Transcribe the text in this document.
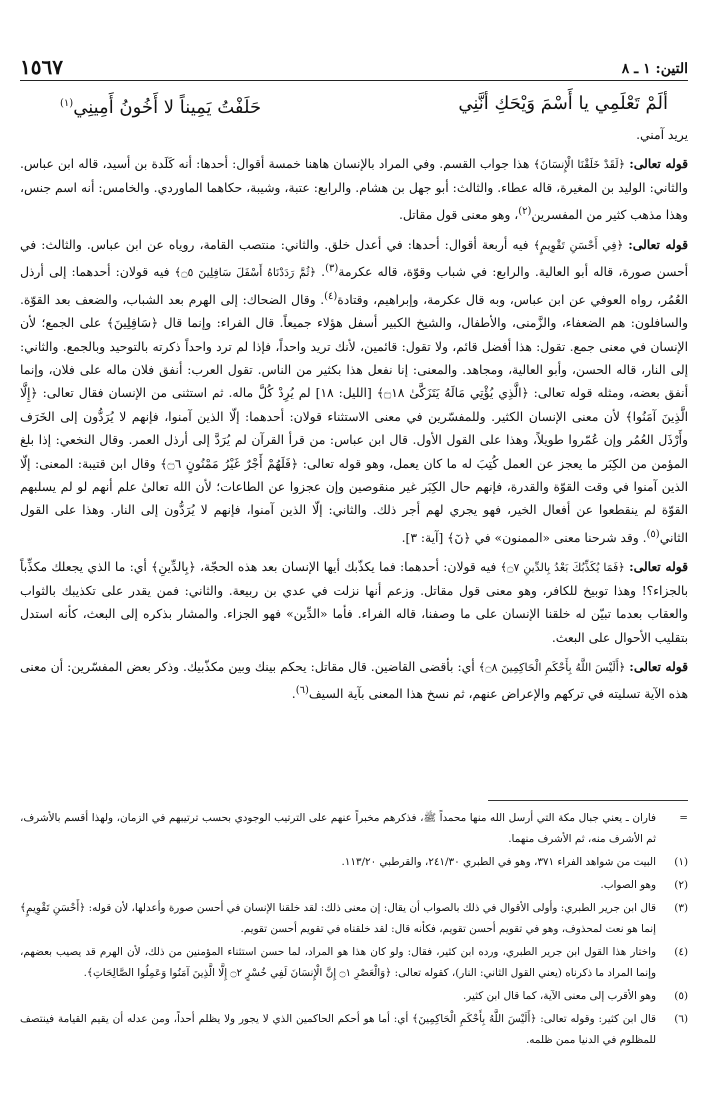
التين: ١ ـ ٨
١٥٦٧
ألَمْ تَعْلَمِي يا أَسْمَ وَيْحَكِ أنَّنِي
حَلَفْتُ يَمِيناً لا أَخُونُ أَمِينِي$^{(١)}$

يريد آمني.

قوله تعالى: ﴿لَقَدْ خَلَقْنَا الْإِنسَانَ﴾ هذا جواب القسم. وفي المراد بالإنسان هاهنا خمسة أقوال: أحدها: أنه كَلَدة بن أسيد، قاله ابن عباس. والثاني: الوليد بن المغيرة، قاله عطاء. والثالث: أبو جهل بن هشام. والرابع: عتبة، وشيبة، حكاهما الماوردي. والخامس: أنه اسم جنس، وهذا مذهب كثير من المفسرين$^{(٢)}$، وهو معنى قول مقاتل.

قوله تعالى: ﴿فِي أَحْسَنِ تَقْوِيمٍ﴾ فيه أربعة أقوال: أحدها: في أعدل خلق. والثاني: منتصب القامة، روياه عن ابن عباس. والثالث: في أحسن صورة، قاله أبو العالية. والرابع: في شباب وقوّة، قاله عكرمة$^{(٣)}$. ﴿ثُمَّ رَدَدْنَاهُ أَسْفَلَ سَافِلِينَ ۝٥﴾ فيه قولان: أحدهما: إلى أرذل العُمُر، رواه العوفي عن ابن عباس، وبه قال عكرمة، وإبراهيم، وقتادة$^{(٤)}$. وقال الضحاك: إلى الهرم بعد الشباب، والضعف بعد القوّة. والسافلون: هم الضعفاء، والزَّمنى، والأطفال، والشيخ الكبير أسفل هؤلاء جميعاً. قال الفراء: وإنما قال ﴿سَافِلِينَ﴾ على الجمع؛ لأن الإنسان في معنى جمع. تقول: هذا أفضل قائم، ولا تقول: قائمين، لأنك تريد واحداً، فإذا لم ترد واحداً ذكرته بالتوحيد وبالجمع. والثاني: إلى النار، قاله الحسن، وأبو العالية، ومجاهد. والمعنى: إنا نفعل هذا بكثير من الناس. تقول العرب: أنفق فلان ماله على فلان، وإنما أنفق بعضه، ومثله قوله تعالى: ﴿الَّذِي يُؤْتِي مَالَهُ يَتَزَكَّىٰ ۝١٨﴾ [الليل: ١٨] لم يُرِدْ كُلَّ ماله. ثم استثنى من الإنسان فقال تعالى: ﴿إِلَّا الَّذِينَ آمَنُوا﴾ لأن معنى الإنسان الكثير. وللمفسّرين في معنى الاستثناء قولان: أحدهما: إلّا الذين آمنوا، فإنهم لا يُرَدُّون إلى الخَرَف وأَرْذَل العُمُر وإن عُمّروا طويلاً، وهذا على القول الأول. قال ابن عباس: من قرأ القرآن لم يُرَدَّ إلى أرذل العمر. وقال النخعي: إذا بلغ المؤمن من الكِبَر ما يعجز عن العمل كُتِبَ له ما كان يعمل، وهو قوله تعالى: ﴿فَلَهُمْ أَجْرٌ غَيْرُ مَمْنُونٍ ۝٦﴾ وقال ابن قتيبة: المعنى: إلّا الذين آمنوا في وقت القوّة والقدرة، فإنهم حال الكِبَر غير منقوصين وإن عجزوا عن الطاعات؛ لأن الله تعالىٰ علم أنهم لو لم يسلبهم القوّة لم ينقطعوا عن أفعال الخير، فهو يجري لهم أجر ذلك. والثاني: إلّا الذين آمنوا، فإنهم لا يُرَدُّون إلى النار. وهذا على القول الثاني$^{(٥)}$. وقد شرحنا معنى «الممنون» في ﴿نٓ﴾ [آية: ٣].

قوله تعالى: ﴿فَمَا يُكَذِّبُكَ بَعْدُ بِالدِّينِ ۝٧﴾ فيه قولان: أحدهما: فما يكذّبك أيها الإنسان بعد هذه الحجّة، ﴿بِالدِّينِ﴾ أي: ما الذي يجعلك مكذِّباً بالجزاء؟! وهذا توبيخ للكافر، وهو معنى قول مقاتل. وزعم أنها نزلت في عدي بن ربيعة. والثاني: فمن يقدر على تكذيبك بالثواب والعقاب بعدما تبيّن له خلقنا الإنسان على ما وصفنا، قاله الفراء. فأما «الدِّين» فهو الجزاء. والمشار بذكره إلى البعث، كأنه استدل بتقليب الأحوال على البعث.

قوله تعالى: ﴿أَلَيْسَ اللَّهُ بِأَحْكَمِ الْحَاكِمِينَ ۝٨﴾ أي: بأقضى القاضين. قال مقاتل: يحكم بينك وبين مكذّبيك. وذكر بعض المفسّرين: أن معنى هذه الآية تسليته في تركهم والإعراض عنهم، ثم نسخ هذا المعنى بآية السيف$^{(٦)}$.

=
فاران ـ يعني جبال مكة التي أرسل الله منها محمداً ﷺ، فذكرهم مخبراً عنهم على الترتيب الوجودي بحسب ترتيبهم في الزمان، ولهذا أقسم بالأشرف، ثم الأشرف منه، ثم الأشرف منهما.
(١)
البيت من شواهد الفراء ٣٧١، وهو في الطبري ٢٤١/٣٠، والقرطبي ١١٣/٢٠.
(٢)
وهو الصواب.
(٣)
قال ابن جرير الطبري: وأولى الأقوال في ذلك بالصواب أن يقال: إن معنى ذلك: لقد خلقنا الإنسان في أحسن صورة وأعدلها، لأن قوله: ﴿أَحْسَنِ تَقْوِيمٍ﴾ إنما هو نعت لمحذوف، وهو في تقويم أحسن تقويم، فكأنه قال: لقد خلقناه في تقويم أحسن تقويم.
(٤)
واختار هذا القول ابن جرير الطبري، ورده ابن كثير، فقال: ولو كان هذا هو المراد، لما حسن استثناء المؤمنين من ذلك، لأن الهرم قد يصيب بعضهم، وإنما المراد ما ذكرناه (يعني القول الثاني: النار)، كقوله تعالى: ﴿وَالْعَصْرِ ۝١ إِنَّ الْإِنسَانَ لَفِي خُسْرٍ ۝٢ إِلَّا الَّذِينَ آمَنُوا وَعَمِلُوا الصَّالِحَاتِ﴾.
(٥)
وهو الأقرب إلى معنى الآية، كما قال ابن كثير.
(٦)
قال ابن كثير: وقوله تعالى: ﴿أَلَيْسَ اللَّهُ بِأَحْكَمِ الْحَاكِمِينَ﴾ أي: أما هو أحكم الحاكمين الذي لا يجور ولا يظلم أحداً، ومن عدله أن يقيم القيامة فينتصف للمظلوم في الدنيا ممن ظلمه.
